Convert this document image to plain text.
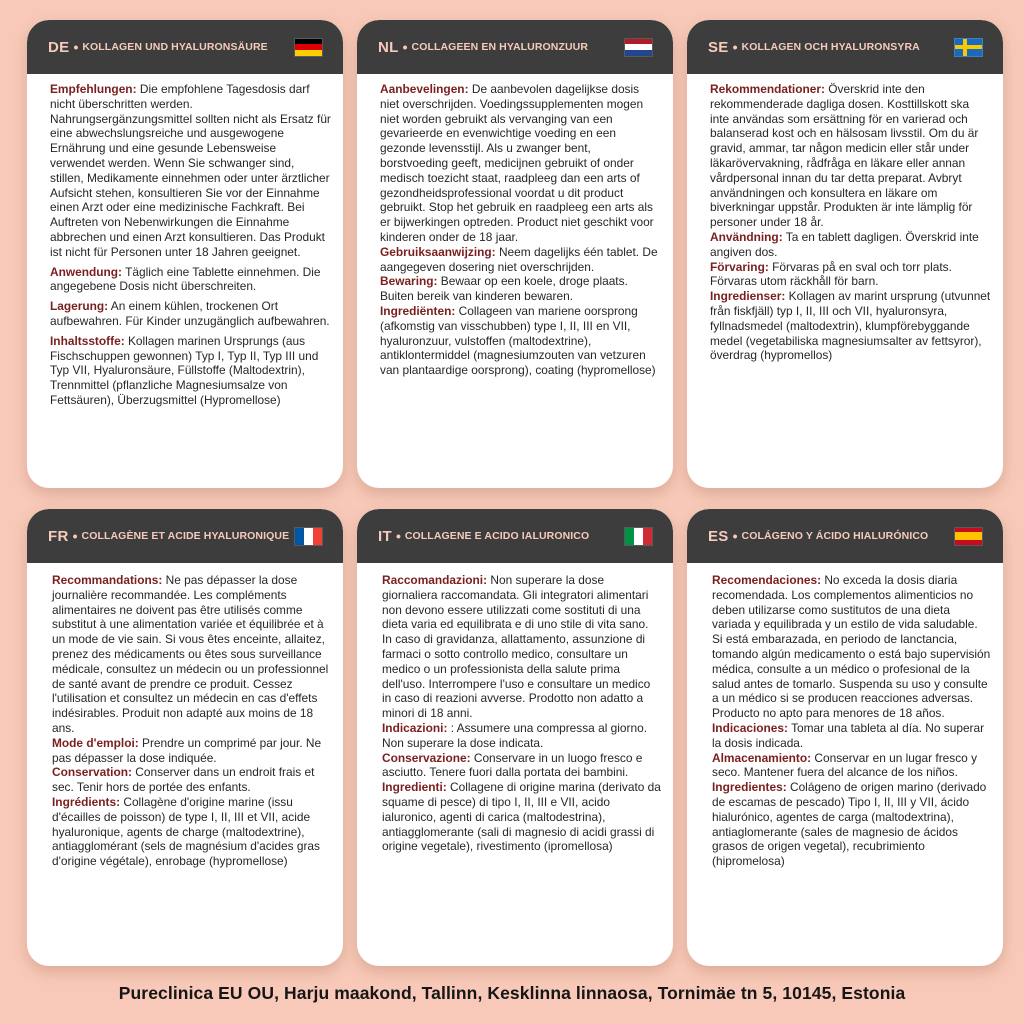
DE • KOLLAGEN UND HYALURONSÄURE

Empfehlungen: Die empfohlene Tagesdosis darf nicht überschritten werden. Nahrungsergänzungsmittel sollten nicht als Ersatz für eine abwechslungsreiche und ausgewogene Ernährung und eine gesunde Lebensweise verwendet werden. Wenn Sie schwanger sind, stillen, Medikamente einnehmen oder unter ärztlicher Aufsicht stehen, konsultieren Sie vor der Einnahme einen Arzt oder eine medizinische Fachkraft. Bei Auftreten von Nebenwirkungen die Einnahme abbrechen und einen Arzt konsultieren. Das Produkt ist nicht für Personen unter 18 Jahren geeignet.

Anwendung: Täglich eine Tablette einnehmen. Die angegebene Dosis nicht überschreiten.

Lagerung: An einem kühlen, trockenen Ort aufbewahren. Für Kinder unzugänglich aufbewahren.

Inhaltsstoffe: Kollagen marinen Ursprungs (aus Fischschuppen gewonnen) Typ I, Typ II, Typ III und Typ VII, Hyaluronsäure, Füllstoffe (Maltodextrin), Trennmittel (pflanzliche Magnesiumsalze von Fettsäuren), Überzugsmittel (Hypromellose)

NL • COLLAGEEN EN HYALURONZUUR

Aanbevelingen: De aanbevolen dagelijkse dosis niet overschrijden. Voedingssupplementen mogen niet worden gebruikt als vervanging van een gevarieerde en evenwichtige voeding en een gezonde levensstijl. Als u zwanger bent, borstvoeding geeft, medicijnen gebruikt of onder medisch toezicht staat, raadpleeg dan een arts of gezondheidsprofessional voordat u dit product gebruikt. Stop het gebruik en raadpleeg een arts als er bijwerkingen optreden. Product niet geschikt voor kinderen onder de 18 jaar.

Gebruiksaanwijzing: Neem dagelijks één tablet. De aangegeven dosering niet overschrijden.

Bewaring: Bewaar op een koele, droge plaats. Buiten bereik van kinderen bewaren.

Ingrediënten: Collageen van mariene oorsprong (afkomstig van visschubben) type I, II, III en VII, hyaluronzuur, vulstoffen (maltodextrine), antiklontermiddel (magnesiumzouten van vetzuren van plantaardige oorsprong), coating (hypromellose)

SE • KOLLAGEN OCH HYALURONSYRA

Rekommendationer: Överskrid inte den rekommenderade dagliga dosen. Kosttillskott ska inte användas som ersättning för en varierad och balanserad kost och en hälsosam livsstil. Om du är gravid, ammar, tar någon medicin eller står under läkarövervakning, rådfråga en läkare eller annan vårdpersonal innan du tar detta preparat. Avbryt användningen och konsultera en läkare om biverkningar uppstår. Produkten är inte lämplig för personer under 18 år.

Användning: Ta en tablett dagligen. Överskrid inte angiven dos.

Förvaring: Förvaras på en sval och torr plats. Förvaras utom räckhåll för barn.

Ingredienser: Kollagen av marint ursprung (utvunnet från fiskfjäll) typ I, II, III och VII, hyaluronsyra, fyllnadsmedel (maltodextrin), klumpförebyggande medel (vegetabiliska magnesiumsalter av fettsyror), överdrag (hypromellos)

FR • COLLAGÈNE ET ACIDE HYALURONIQUE

Recommandations: Ne pas dépasser la dose journalière recommandée. Les compléments alimentaires ne doivent pas être utilisés comme substitut à une alimentation variée et équilibrée et à un mode de vie sain. Si vous êtes enceinte, allaitez, prenez des médicaments ou êtes sous surveillance médicale, consultez un médecin ou un professionnel de santé avant de prendre ce produit. Cessez l'utilisation et consultez un médecin en cas d'effets indésirables. Produit non adapté aux moins de 18 ans.

Mode d'emploi: Prendre un comprimé par jour. Ne pas dépasser la dose indiquée.

Conservation: Conserver dans un endroit frais et sec. Tenir hors de portée des enfants.

Ingrédients: Collagène d'origine marine (issu d'écailles de poisson) de type I, II, III et VII, acide hyaluronique, agents de charge (maltodextrine), antiagglomérant (sels de magnésium d'acides gras d'origine végétale), enrobage (hypromellose)

IT • COLLAGENE E ACIDO IALURONICO

Raccomandazioni: Non superare la dose giornaliera raccomandata. Gli integratori alimentari non devono essere utilizzati come sostituti di una dieta varia ed equilibrata e di uno stile di vita sano. In caso di gravidanza, allattamento, assunzione di farmaci o sotto controllo medico, consultare un medico o un professionista della salute prima dell'uso. Interrompere l'uso e consultare un medico in caso di reazioni avverse. Prodotto non adatto a minori di 18 anni.

Indicazioni: : Assumere una compressa al giorno. Non superare la dose indicata.

Conservazione: Conservare in un luogo fresco e asciutto. Tenere fuori dalla portata dei bambini.

Ingredienti: Collagene di origine marina (derivato da squame di pesce) di tipo I, II, III e VII, acido ialuronico, agenti di carica (maltodestrina), antiagglomerante (sali di magnesio di acidi grassi di origine vegetale), rivestimento (ipromellosa)

ES • COLÁGENO Y ÁCIDO HIALURÓNICO

Recomendaciones: No exceda la dosis diaria recomendada. Los complementos alimenticios no deben utilizarse como sustitutos de una dieta variada y equilibrada y un estilo de vida saludable. Si está embarazada, en periodo de lanctancia, tomando algún medicamento o está bajo supervisión médica, consulte a un médico o profesional de la salud antes de tomarlo. Suspenda su uso y consulte a un médico si se producen reacciones adversas. Producto no apto para menores de 18 años.

Indicaciones: Tomar una tableta al día. No superar la dosis indicada.

Almacenamiento: Conservar en un lugar fresco y seco. Mantener fuera del alcance de los niños.

Ingredientes: Colágeno de origen marino (derivado de escamas de pescado) Tipo I, II, III y VII, ácido hialurónico, agentes de carga (maltodextrina), antiaglomerante (sales de magnesio de ácidos grasos de origen vegetal), recubrimiento (hipromelosa)

Pureclinica EU OU, Harju maakond, Tallinn, Kesklinna linnaosa, Tornimäe tn 5, 10145, Estonia
